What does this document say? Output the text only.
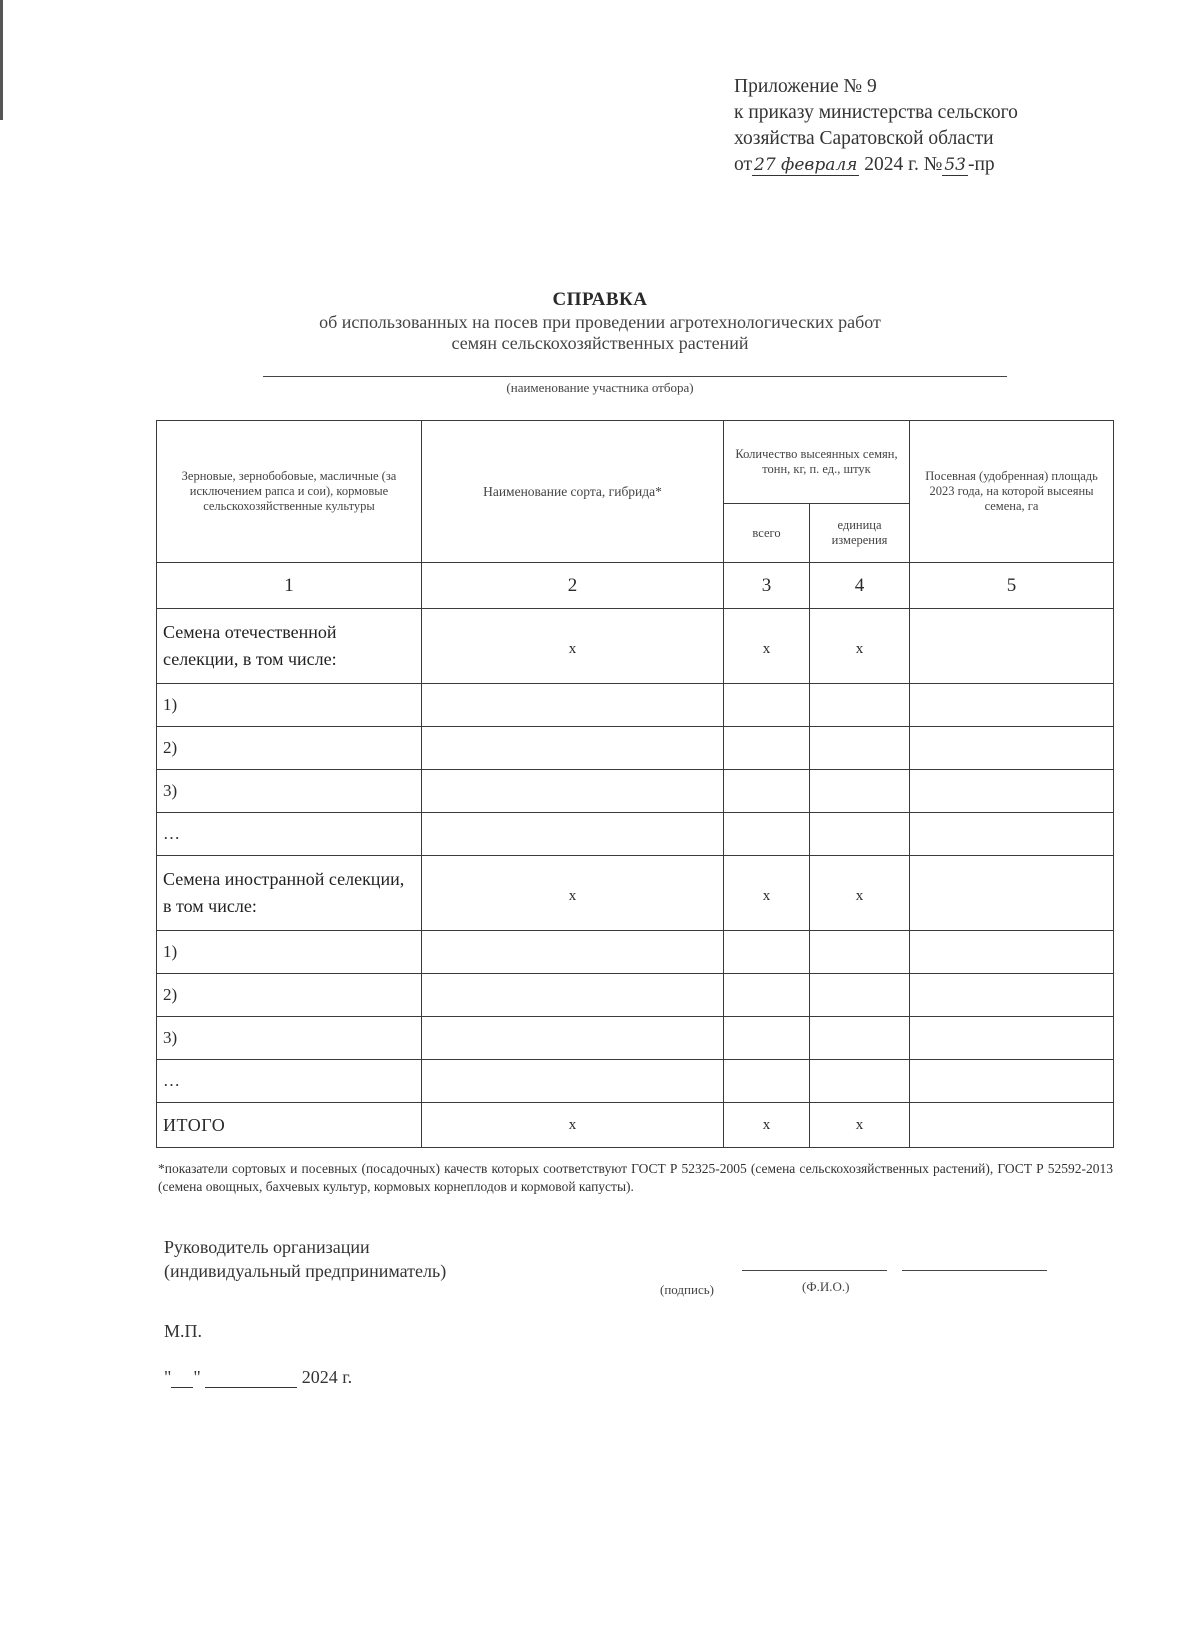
Приложение № 9
к приказу министерства сельского
хозяйства Саратовской области
от 27 февраля 2024 г. № 53 -пр
СПРАВКА
об использованных на посев при проведении агротехнологических работ
семян сельскохозяйственных растений
(наименование участника отбора)
Зерновые, зернобобовые, масличные (за исключением рапса и сои), кормовые сельскохозяйственные культуры	Наименование сорта, гибрида*	Количество высеянных семян, тонн, кг, п. ед., штук		Посевная (удобренная) площадь 2023 года, на которой высеяны семена, га
		всего	единица измерения	
1	2	3	4	5
Семена отечественной селекции, в том числе:	х	х	х	
1)				
2)				
3)				
…				
Семена иностранной селекции, в том числе:	х	х	х	
1)				
2)				
3)				
…				
ИТОГО	х	х	х	
*показатели сортовых и посевных (посадочных) качеств которых соответствуют ГОСТ Р 52325-2005 (семена сельскохозяйственных растений), ГОСТ Р 52592-2013 (семена овощных, бахчевых культур, кормовых корнеплодов и кормовой капусты).
Руководитель организации
(индивидуальный предприниматель)
(подпись)	(Ф.И.О.)
М.П.
" "	2024 г.
